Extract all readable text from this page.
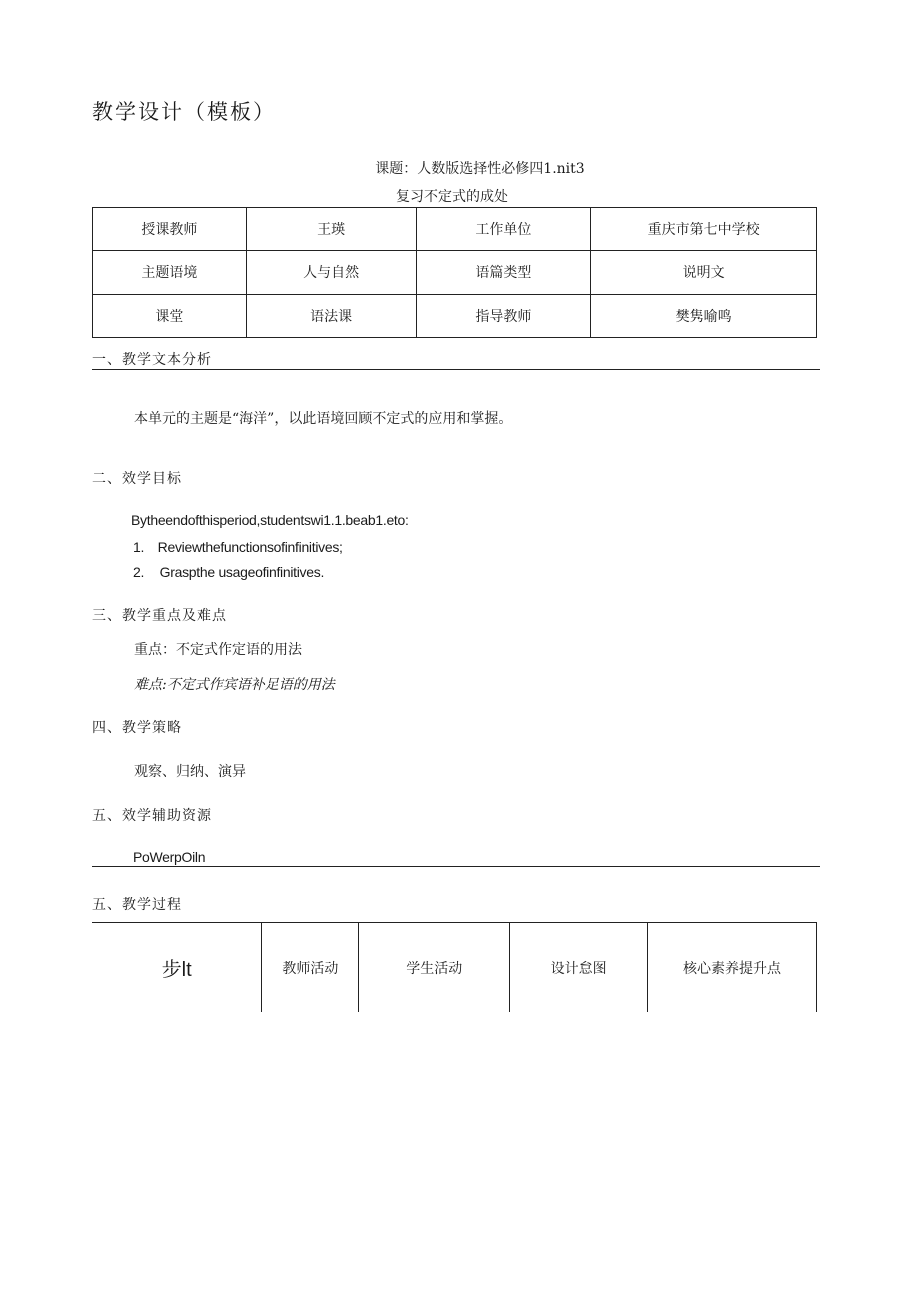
教学设计（模板）
课题：人数版选择性必修四1.nit3
复习不定式的成处
授课教师	王瑛	工作单位	重庆市第七中学校
主题语境	人与自然	语篇类型	说明文
课堂	语法课	指导教师	樊隽喻鸣
一、教学文本分析
本单元的主题是“海洋”，以此语境回顾不定式的应用和掌握。
二、效学目标
Bytheendofthisperiod,studentswi1.1.beab1.eto:
1. Reviewthefunctionsofinfinitives;
2. Graspthe usageofinfinitives.
三、教学重点及难点
重点：不定式作定语的用法
难点:不定式作宾语补足语的用法
四、教学策略
观察、归纳、演异
五、效学辅助资源
PoWerpOiln
五、教学过程
步lt	教师活动	学生活动	设计怠图	核心素养提升点
